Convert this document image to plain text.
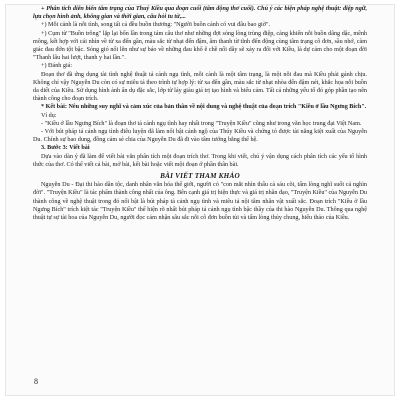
+ Phân tích diễn biến tâm trạng của Thuý Kiều qua đoạn cuối (tâm động thơ cuối). Chú ý các biện pháp nghệ thuật: điệp ngữ, lựa chọn hình ảnh, không gian và thời gian, câu hỏi tu từ,...

+) Mỗi cảnh là nỗi tình, song tất cả đều buồn thương: "Người buồn cảnh có vui đâu bao giờ".

+) Cụm từ "Buồn trông" lặp lại bốn lần trong tám câu thơ như những đợt sóng lòng trùng điệp, càng khiến nỗi buồn dâng dậc, mênh mông, kết hợp với cái nhìn về từ xa đến gần, màu sắc từ nhạt đến đậm, âm thanh từ tĩnh đến động cùng tâm trạng cô đơn, sầu nhớ, càm giác đau đớn tột bậc. Sóng gió nổi lên như sự báo về những đau khổ ê chề nối dây sẽ xảy ra đối với Kiều, là dự cảm cho một đoạn đời "Thanh lâu hai lượt, thanh y hai lần.".

+) Đánh giá:

Đoạn thơ đã ứng dụng tài tình nghệ thuật tả cảnh ngụ tình, mỗi cảnh là một tâm trạng, là một nỗi đau mà Kiều phải gánh chịu. Không chỉ vậy Nguyễn Du còn có sự miêu tả theo trình tự hợp lý: từ xa đến gần, màu sắc từ nhạt nhòa đến đậm nét, khắc họa nỗi buồn da diết của Kiều. Sử dụng hình ảnh ẩn dụ đặc sắc, lớp từ láy giàu giá trị tạo hình và biểu cảm. Tất cả những yếu tố đó góp phần tạo nên thành công cho đoạn trích.

* Kết bài: Nêu những suy nghĩ và cảm xúc của bản thân về nội dung và nghệ thuật của đoạn trích "Kiều ở lầu Ngưng Bích".

Ví dụ:

- "Kiều ở lầu Ngưng Bích" là đoạn thơ tả cảnh ngụ tình hay nhất trong "Truyện Kiều" cũng như trong văn học trung đại Việt Nam.

- Với bút pháp tả cảnh ngụ tình điêu luyện đã làm nổi bật cảnh ngộ của Thúy Kiều và chứng tỏ được tài năng kiệt xuất của Nguyễn Du. Chính sự bao dung, đồng cảm sẻ chia của Nguyễn Du đã đi vào tâm tướng bằng thế hệ.

3. Bước 3: Viết bài

Dựa vào dàn ý đã làm để viết bài văn phân tích một đoạn trích thơ. Trong khi viết, chú ý vận dụng cách phân tích các yếu tố hình thức của thơ. Có thể viết cả bài, mở bài, kết bài hoặc viết một đoạn ở phần thân bài.

BÀI VIẾT THAM KHẢO

Nguyễn Du - Đại thi hào dân tộc, danh nhân văn hóa thế giới, người có "con mắt nhìn thấu cả sáu cõi, tấm lòng nghĩ suốt cả nghìn đời". "Truyện Kiều" là tác phẩm thành công nhất của ông. Bên cạnh giá trị hiện thực và giá trị nhân đạo, "Truyện Kiều" của Nguyễn Du thành công về nghệ thuật trong đó nổi bật là bút pháp tả cảnh ngụ tình và miêu tả nội tâm nhân vật xuất sắc. Đoạn trích "Kiều ở lầu Ngưng Bích" trích kiệt tác "Truyện Kiều" thể hiện rõ nhất bút pháp tả cảnh ngụ tình bậc thầy của thi hào Nguyễn Du. Thông qua nghệ thuật tự sự tài hoa của Nguyễn Du, người đọc cảm nhận sâu sắc nỗi cô đơn buồn tủi và tấm lòng thủy chung, hiếu thảo của Kiều.

8
